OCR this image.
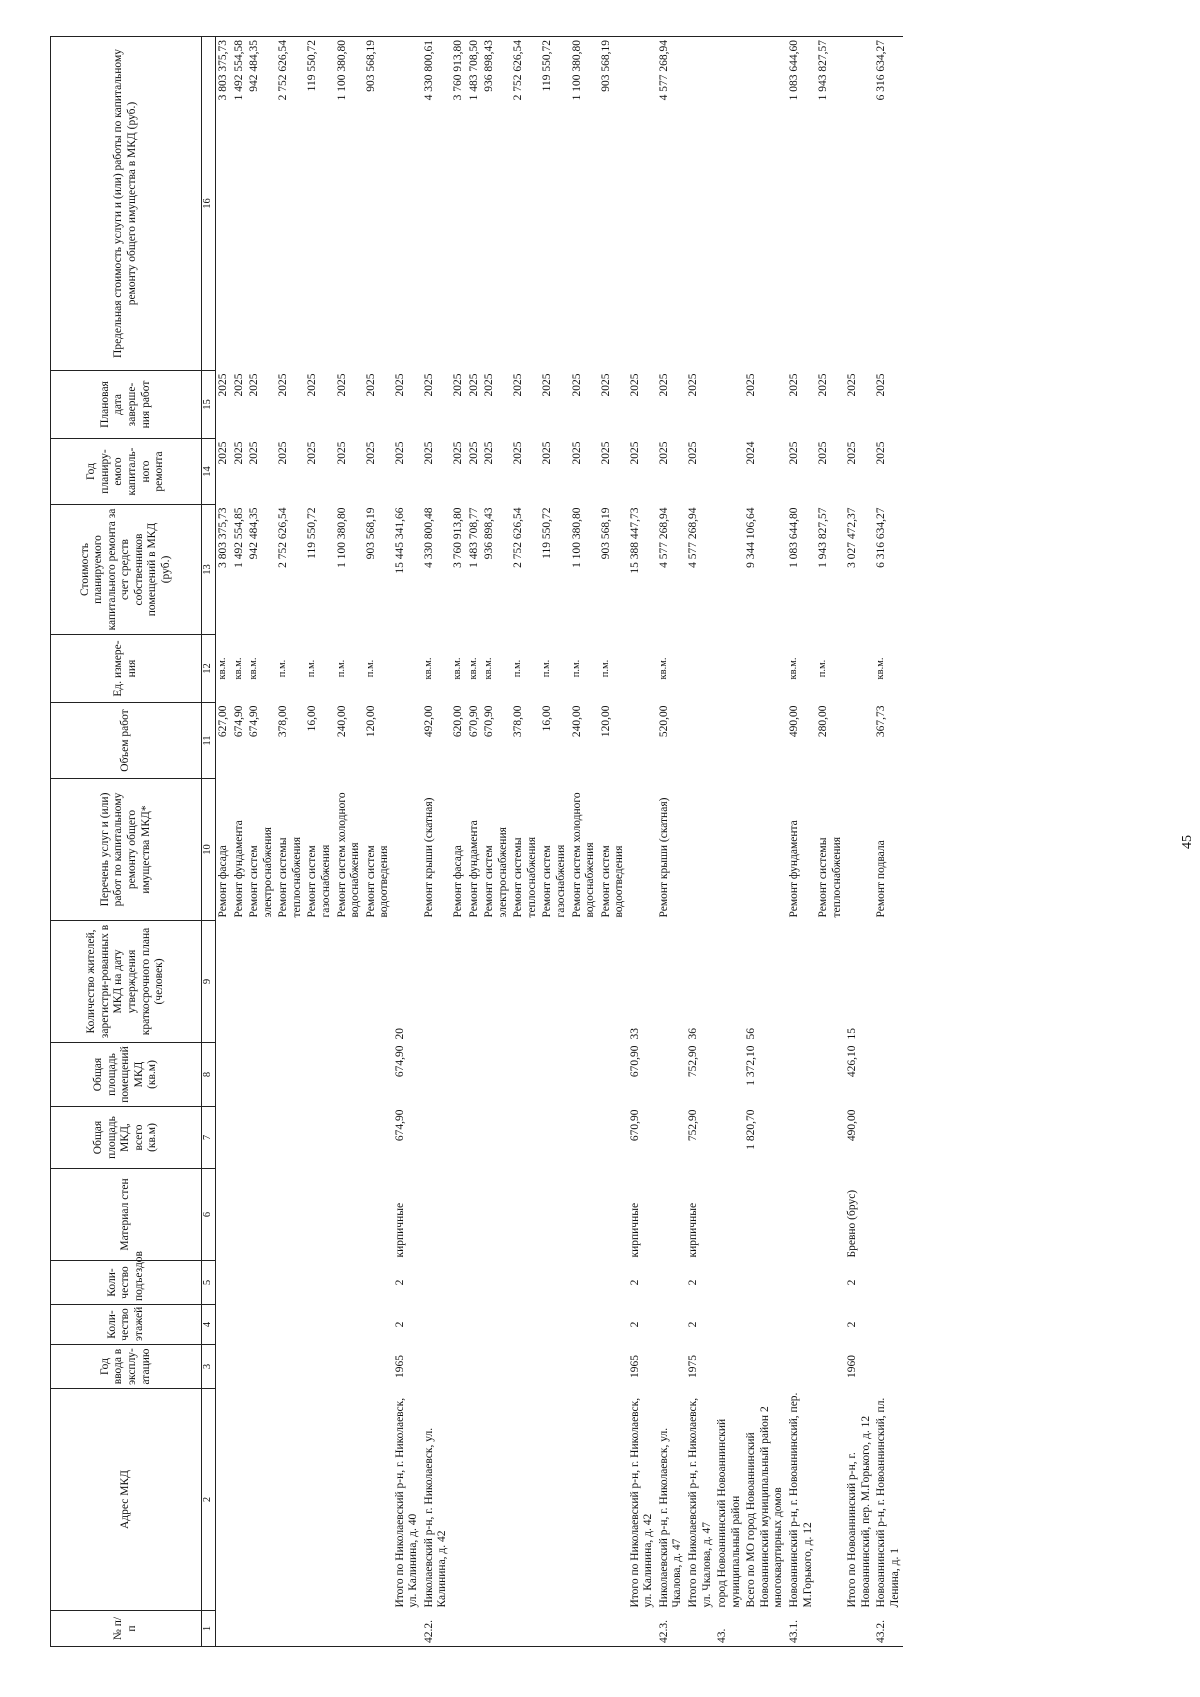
№ п/п	Адрес МКД	Год ввода в эксплу-атацию	Коли-чество этажей	Коли-чество подъездов	Материал стен	Общая площадь МКД, всего (кв.м)	Общая площадь помещений МКД (кв.м)	Количество жителей, зарегистри-рованных в МКД на дату утверждения краткосрочного плана (человек)	Перечень услуг и (или) работ по капитальному ремонту общего имущества МКД*	Объем работ	Ед. измере-ния	Стоимость планируемого капитального ремонта за счет средств собственников помещений в МКД (руб.)	Год планиру-емого капиталь-ного ремонта	Плановая дата заверше-ния работ	Предельная стоимость услуги и (или) работы по капитальному ремонту общего имущества в МКД (руб.)
1	2	3	4	5	6	7	8	9	10	11	12	13	14	15	16
									Ремонт фасада	627,00	кв.м.	3 803 375,73	2025	2025	3 803 375,73
									Ремонт фундамента	674,90	кв.м.	1 492 554,85	2025	2025	1 492 554,58
									Ремонт систем электроснабжения	674,90	кв.м.	942 484,35	2025	2025	942 484,35
									Ремонт системы теплоснабжения	378,00	п.м.	2 752 626,54	2025	2025	2 752 626,54
									Ремонт систем газоснабжения	16,00	п.м.	119 550,72	2025	2025	119 550,72
									Ремонт систем холодного водоснабжения	240,00	п.м.	1 100 380,80	2025	2025	1 100 380,80
									Ремонт систем водоотведения	120,00	п.м.	903 568,19	2025	2025	903 568,19
	Итого по Николаевский р-н, г. Николаевск, ул. Калинина, д. 40	1965	2	2	кирпичные	674,90	674,90	20				15 445 341,66	2025	2025	
42.2.	Николаевский р-н, г. Николаевск, ул. Калинина, д. 42								Ремонт крыши (скатная)	492,00	кв.м.	4 330 800,48	2025	2025	4 330 800,61
									Ремонт фасада	620,00	кв.м.	3 760 913,80	2025	2025	3 760 913,80
									Ремонт фундамента	670,90	кв.м.	1 483 708,77	2025	2025	1 483 708,50
									Ремонт систем электроснабжения	670,90	кв.м.	936 898,43	2025	2025	936 898,43
									Ремонт системы теплоснабжения	378,00	п.м.	2 752 626,54	2025	2025	2 752 626,54
									Ремонт систем газоснабжения	16,00	п.м.	119 550,72	2025	2025	119 550,72
									Ремонт систем холодного водоснабжения	240,00	п.м.	1 100 380,80	2025	2025	1 100 380,80
									Ремонт систем водоотведения	120,00	п.м.	903 568,19	2025	2025	903 568,19
	Итого по Николаевский р-н, г. Николаевск, ул. Калинина, д. 42	1965	2	2	кирпичные	670,90	670,90	33				15 388 447,73	2025	2025	
42.3.	Николаевский р-н, г. Николаевск, ул. Чкалова, д. 47								Ремонт крыши (скатная)	520,00	кв.м.	4 577 268,94	2025	2025	4 577 268,94
	Итого по Николаевский р-н, г. Николаевск, ул. Чкалова, д. 47	1975	2	2	кирпичные	752,90	752,90	36				4 577 268,94	2025	2025	
43.	город Новоаннинский Новоаннинский муниципальный район														
	Всего по МО город Новоаннинский Новоаннинский муниципальный район 2 многоквартирных домов					1 820,70	1 372,10	56				9 344 106,64	2024	2025	
43.1.	Новоаннинский р-н, г. Новоаннинский, пер. М.Горького, д. 12								Ремонт фундамента	490,00	кв.м.	1 083 644,80	2025	2025	1 083 644,60
									Ремонт системы теплоснабжения	280,00	п.м.	1 943 827,57	2025	2025	1 943 827,57
	Итого по Новоаннинский р-н, г. Новоаннинский, пер. М.Горького, д. 12	1960	2	2	Бревно (брус)	490,00	426,10	15				3 027 472,37	2025	2025	
43.2.	Новоаннинский р-н, г. Новоаннинский, пл. Ленина, д. 1								Ремонт подвала	367,73	кв.м.	6 316 634,27	2025	2025	6 316 634,27
45
